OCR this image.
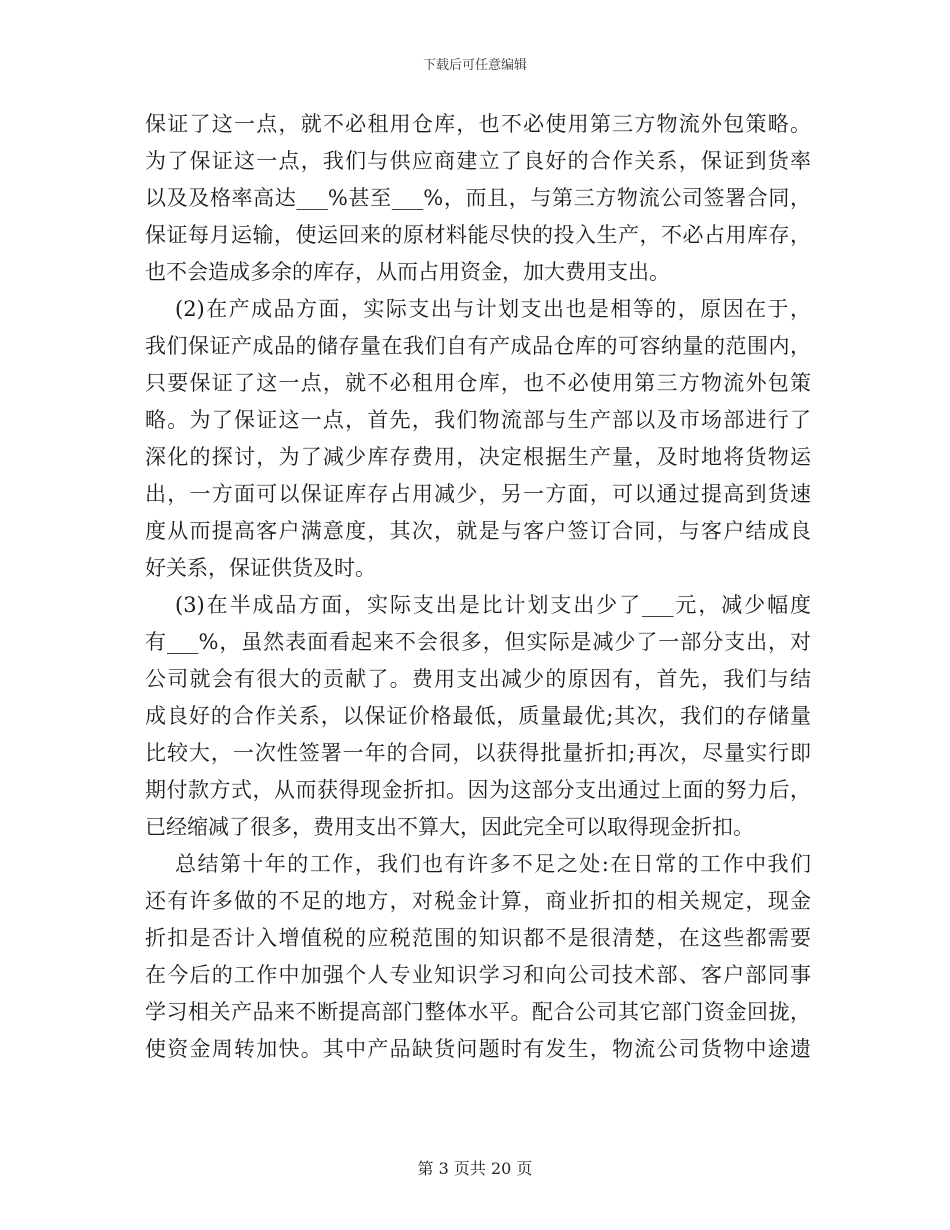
下载后可任意编辑
保证了这一点，就不必租用仓库，也不必使用第三方物流外包策略。
为了保证这一点，我们与供应商建立了良好的合作关系，保证到货率
以及及格率高达___%甚至___%，而且，与第三方物流公司签署合同，
保证每月运输，使运回来的原材料能尽快的投入生产，不必占用库存，
也不会造成多余的库存，从而占用资金，加大费用支出。
(2)在产成品方面，实际支出与计划支出也是相等的，原因在于，
我们保证产成品的储存量在我们自有产成品仓库的可容纳量的范围内，
只要保证了这一点，就不必租用仓库，也不必使用第三方物流外包策
略。为了保证这一点，首先，我们物流部与生产部以及市场部进行了
深化的探讨，为了减少库存费用，决定根据生产量，及时地将货物运
出，一方面可以保证库存占用减少，另一方面，可以通过提高到货速
度从而提高客户满意度，其次，就是与客户签订合同，与客户结成良
好关系，保证供货及时。
(3)在半成品方面，实际支出是比计划支出少了___元，减少幅度
有___%，虽然表面看起来不会很多，但实际是减少了一部分支出，对
公司就会有很大的贡献了。费用支出减少的原因有，首先，我们与结
成良好的合作关系，以保证价格最低，质量最优;其次，我们的存储量
比较大，一次性签署一年的合同，以获得批量折扣;再次，尽量实行即
期付款方式，从而获得现金折扣。因为这部分支出通过上面的努力后，
已经缩减了很多，费用支出不算大，因此完全可以取得现金折扣。
总结第十年的工作，我们也有许多不足之处:在日常的工作中我们
还有许多做的不足的地方，对税金计算，商业折扣的相关规定，现金
折扣是否计入增值税的应税范围的知识都不是很清楚，在这些都需要
在今后的工作中加强个人专业知识学习和向公司技术部、客户部同事
学习相关产品来不断提高部门整体水平。配合公司其它部门资金回拢，
使资金周转加快。其中产品缺货问题时有发生，物流公司货物中途遗
第 3 页共 20 页
